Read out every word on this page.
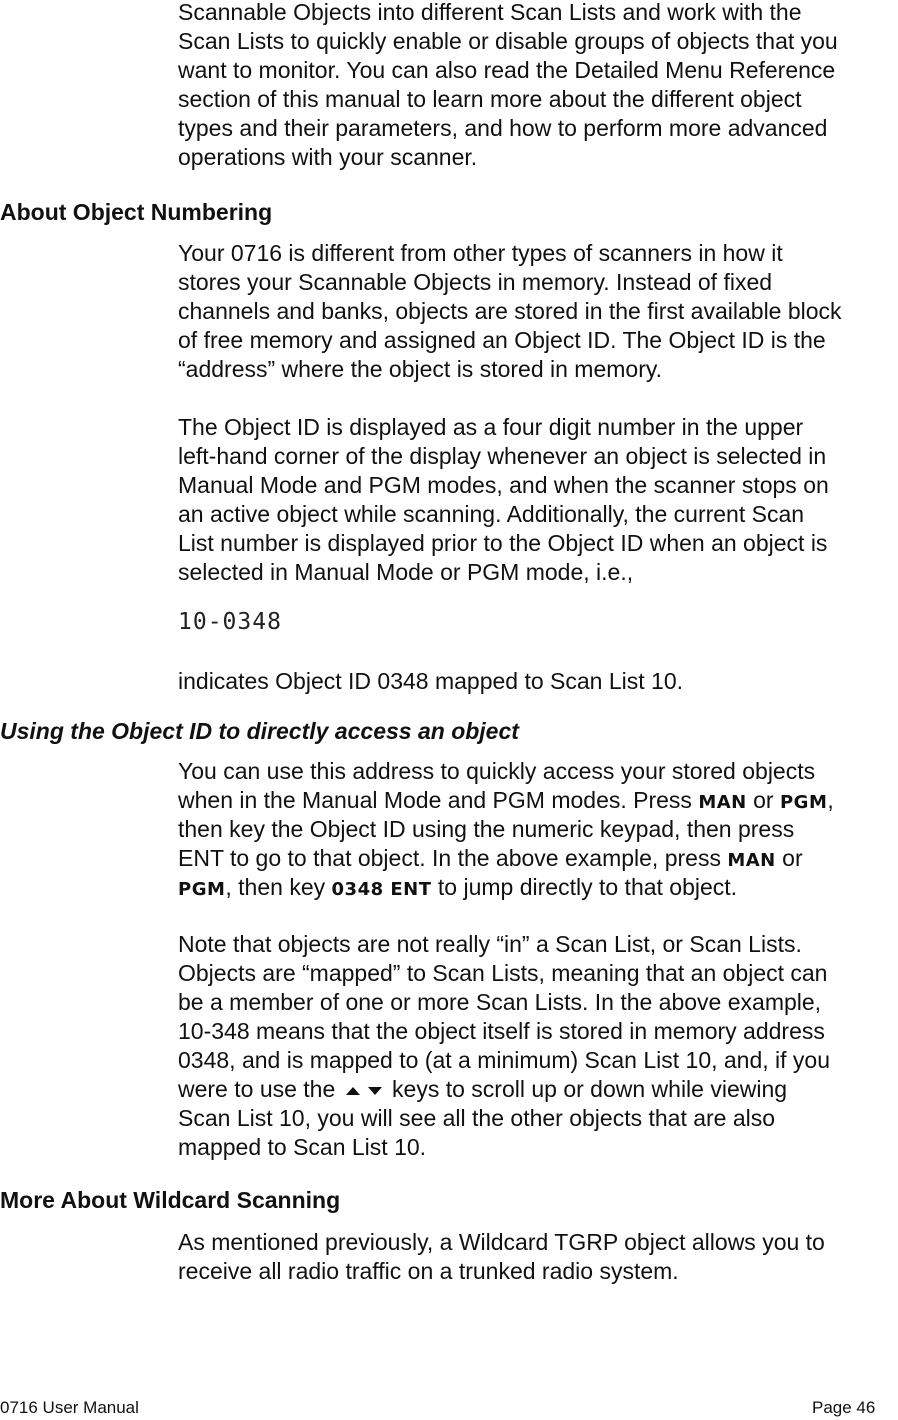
Scannable Objects into different Scan Lists and work with the
Scan Lists to quickly enable or disable groups of objects that you
want to monitor. You can also read the Detailed Menu Reference
section of this manual to learn more about the different object
types and their parameters, and how to perform more advanced
operations with your scanner.
About Object Numbering
Your 0716 is different from other types of scanners in how it
stores your Scannable Objects in memory. Instead of fixed
channels and banks, objects are stored in the first available block
of free memory and assigned an Object ID. The Object ID is the
“address” where the object is stored in memory.
The Object ID is displayed as a four digit number in the upper
left-hand corner of the display whenever an object is selected in
Manual Mode and PGM modes, and when the scanner stops on
an active object while scanning. Additionally, the current Scan
List number is displayed prior to the Object ID when an object is
selected in Manual Mode or PGM mode, i.e.,
10-0348
indicates Object ID 0348 mapped to Scan List 10.
Using the Object ID to directly access an object
You can use this address to quickly access your stored objects
when in the Manual Mode and PGM modes. Press MAN or PGM,
then key the Object ID using the numeric keypad, then press
ENT to go to that object. In the above example, press MAN or
PGM, then key 0348 ENT to jump directly to that object.
Note that objects are not really “in” a Scan List, or Scan Lists.
Objects are “mapped” to Scan Lists, meaning that an object can
be a member of one or more Scan Lists. In the above example,
10-348 means that the object itself is stored in memory address
0348, and is mapped to (at a minimum) Scan List 10, and, if you
were to use the  keys to scroll up or down while viewing
Scan List 10, you will see all the other objects that are also
mapped to Scan List 10.
More About Wildcard Scanning
As mentioned previously, a Wildcard TGRP object allows you to
receive all radio traffic on a trunked radio system.
0716 User Manual	Page 46
